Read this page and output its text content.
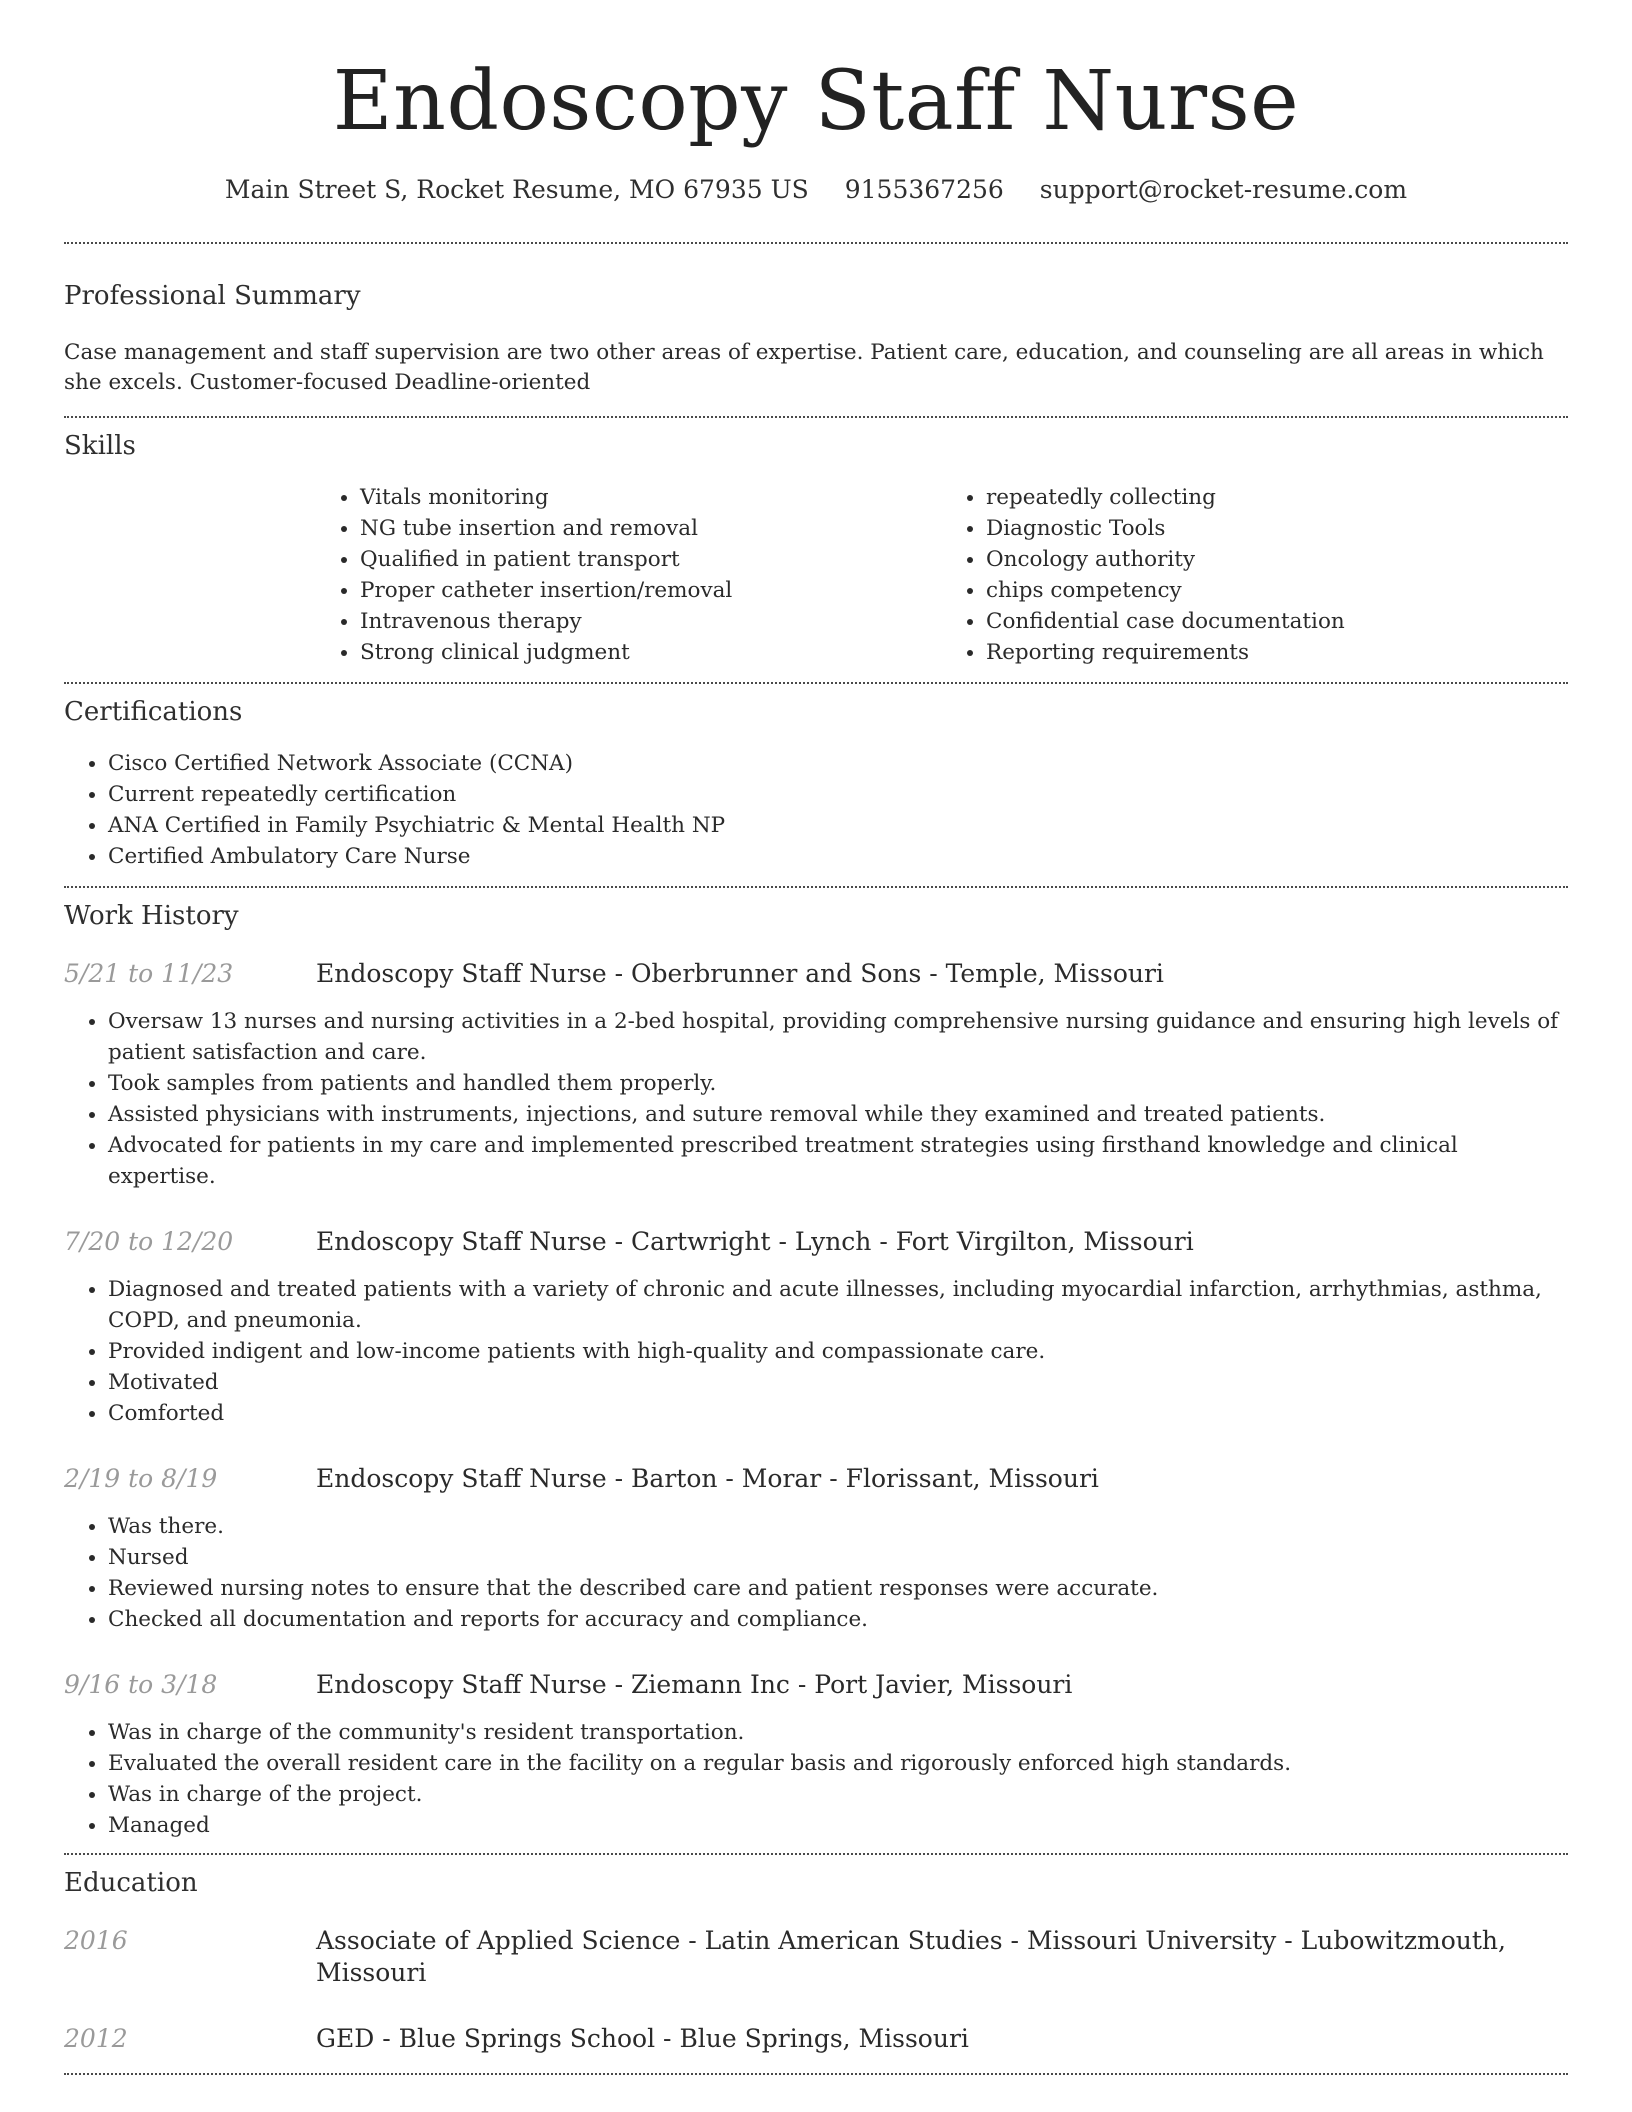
Endoscopy Staff Nurse
Main Street S, Rocket Resume, MO 67935 US 9155367256 support@rocket-resume.com
Professional Summary

Case management and staff supervision are two other areas of expertise. Patient care, education, and counseling are all areas in which she excels. Customer-focused Deadline-oriented

Skills
• Vitals monitoring
• NG tube insertion and removal
• Qualified in patient transport
• Proper catheter insertion/removal
• Intravenous therapy
• Strong clinical judgment
• repeatedly collecting
• Diagnostic Tools
• Oncology authority
• chips competency
• Confidential case documentation
• Reporting requirements
Certifications
• Cisco Certified Network Associate (CCNA)
• Current repeatedly certification
• ANA Certified in Family Psychiatric & Mental Health NP
• Certified Ambulatory Care Nurse
Work History
5/21 to 11/23	Endoscopy Staff Nurse - Oberbrunner and Sons - Temple, Missouri
• Oversaw 13 nurses and nursing activities in a 2-bed hospital, providing comprehensive nursing guidance and ensuring high levels of patient satisfaction and care.
• Took samples from patients and handled them properly.
• Assisted physicians with instruments, injections, and suture removal while they examined and treated patients.
• Advocated for patients in my care and implemented prescribed treatment strategies using firsthand knowledge and clinical expertise.
7/20 to 12/20	Endoscopy Staff Nurse - Cartwright - Lynch - Fort Virgilton, Missouri
• Diagnosed and treated patients with a variety of chronic and acute illnesses, including myocardial infarction, arrhythmias, asthma, COPD, and pneumonia.
• Provided indigent and low-income patients with high-quality and compassionate care.
• Motivated
• Comforted
2/19 to 8/19	Endoscopy Staff Nurse - Barton - Morar - Florissant, Missouri
• Was there.
• Nursed
• Reviewed nursing notes to ensure that the described care and patient responses were accurate.
• Checked all documentation and reports for accuracy and compliance.
9/16 to 3/18	Endoscopy Staff Nurse - Ziemann Inc - Port Javier, Missouri
• Was in charge of the community's resident transportation.
• Evaluated the overall resident care in the facility on a regular basis and rigorously enforced high standards.
• Was in charge of the project.
• Managed
Education
2016	Associate of Applied Science - Latin American Studies - Missouri University - Lubowitzmouth, Missouri
2012	GED - Blue Springs School - Blue Springs, Missouri
